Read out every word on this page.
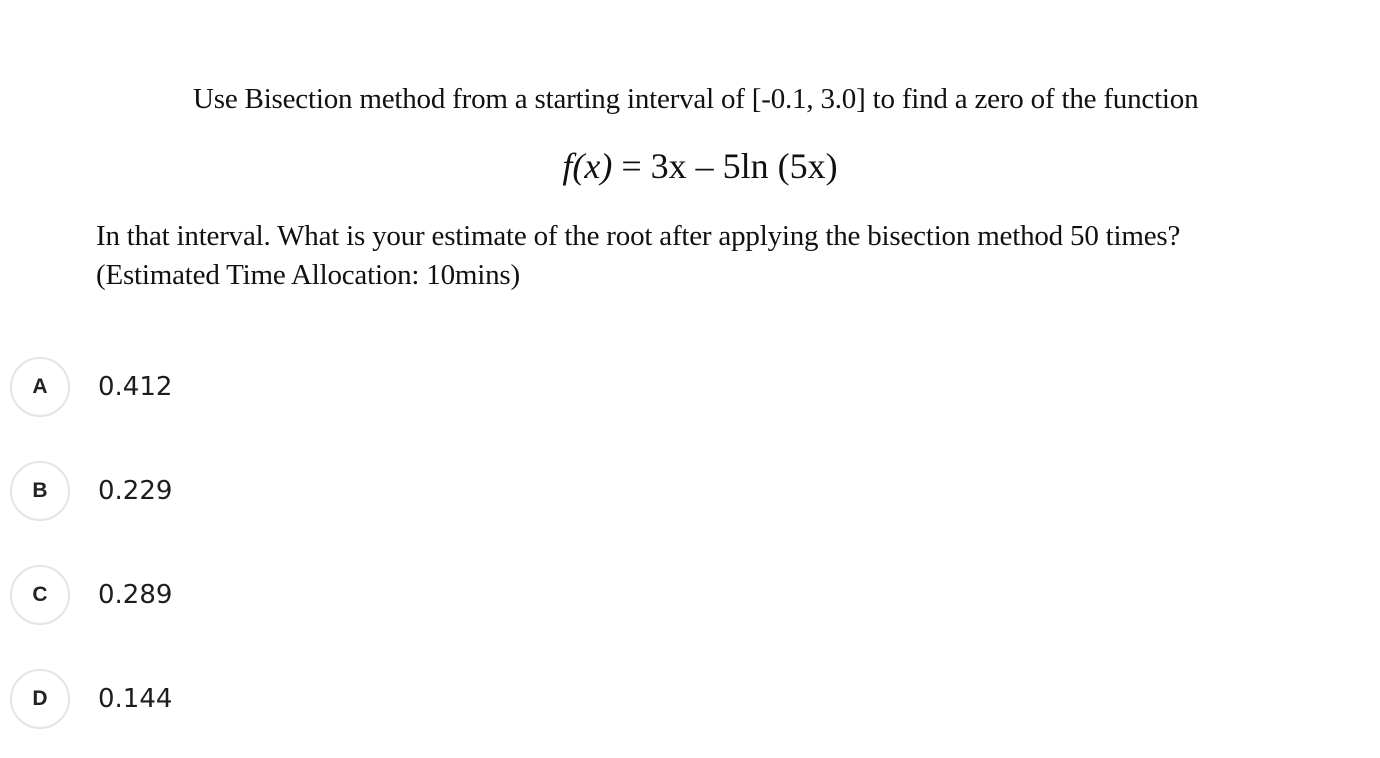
Use Bisection method from a starting interval of [-0.1, 3.0] to find a zero of the function
f(x) = 3x – 5ln (5x)
In that interval. What is your estimate of the root after applying the bisection method 50 times?
(Estimated Time Allocation: 10mins)
A	0.412
B	0.229
C	0.289
D	0.144
